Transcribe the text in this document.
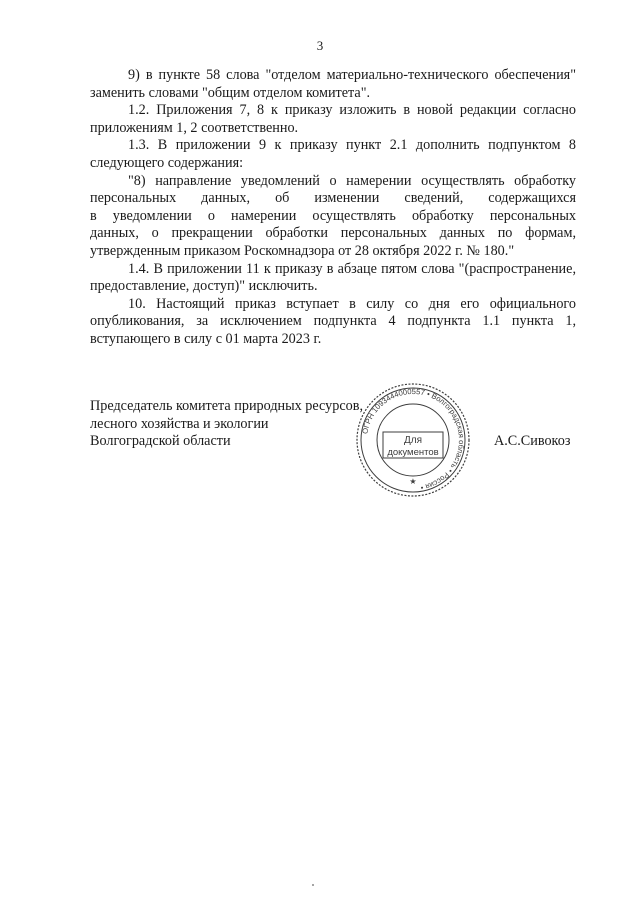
3

9) в пункте 58 слова "отделом материально-технического обеспечения" заменить словами "общим отделом комитета".

1.2. Приложения 7, 8 к приказу изложить в новой редакции согласно приложениям 1, 2 соответственно.

1.3. В приложении 9 к приказу пункт 2.1 дополнить подпунктом 8 следующего содержания:

"8) направление уведомлений о намерении осуществлять обработку

персональных данных, об изменении сведений, содержащихся

в уведомлении о намерении осуществлять обработку персональных

данных, о прекращении обработки персональных данных по формам,

утвержденным приказом Роскомнадзора от 28 октября 2022 г. № 180."

1.4. В приложении 11 к приказу в абзаце пятом слова "(распространение, предоставление, доступ)" исключить.

10. Настоящий приказ вступает в силу со дня его официального опубликования, за исключением подпункта 4 подпункта 1.1 пункта 1, вступающего в силу с 01 марта 2023 г.

Председатель комитета природных ресурсов,
лесного хозяйства и экологии
Волгоградской области	А.С.Сивокоз
ОГРН 1093444000557 • Волгоградская область • Россия •
Для
документов
★
